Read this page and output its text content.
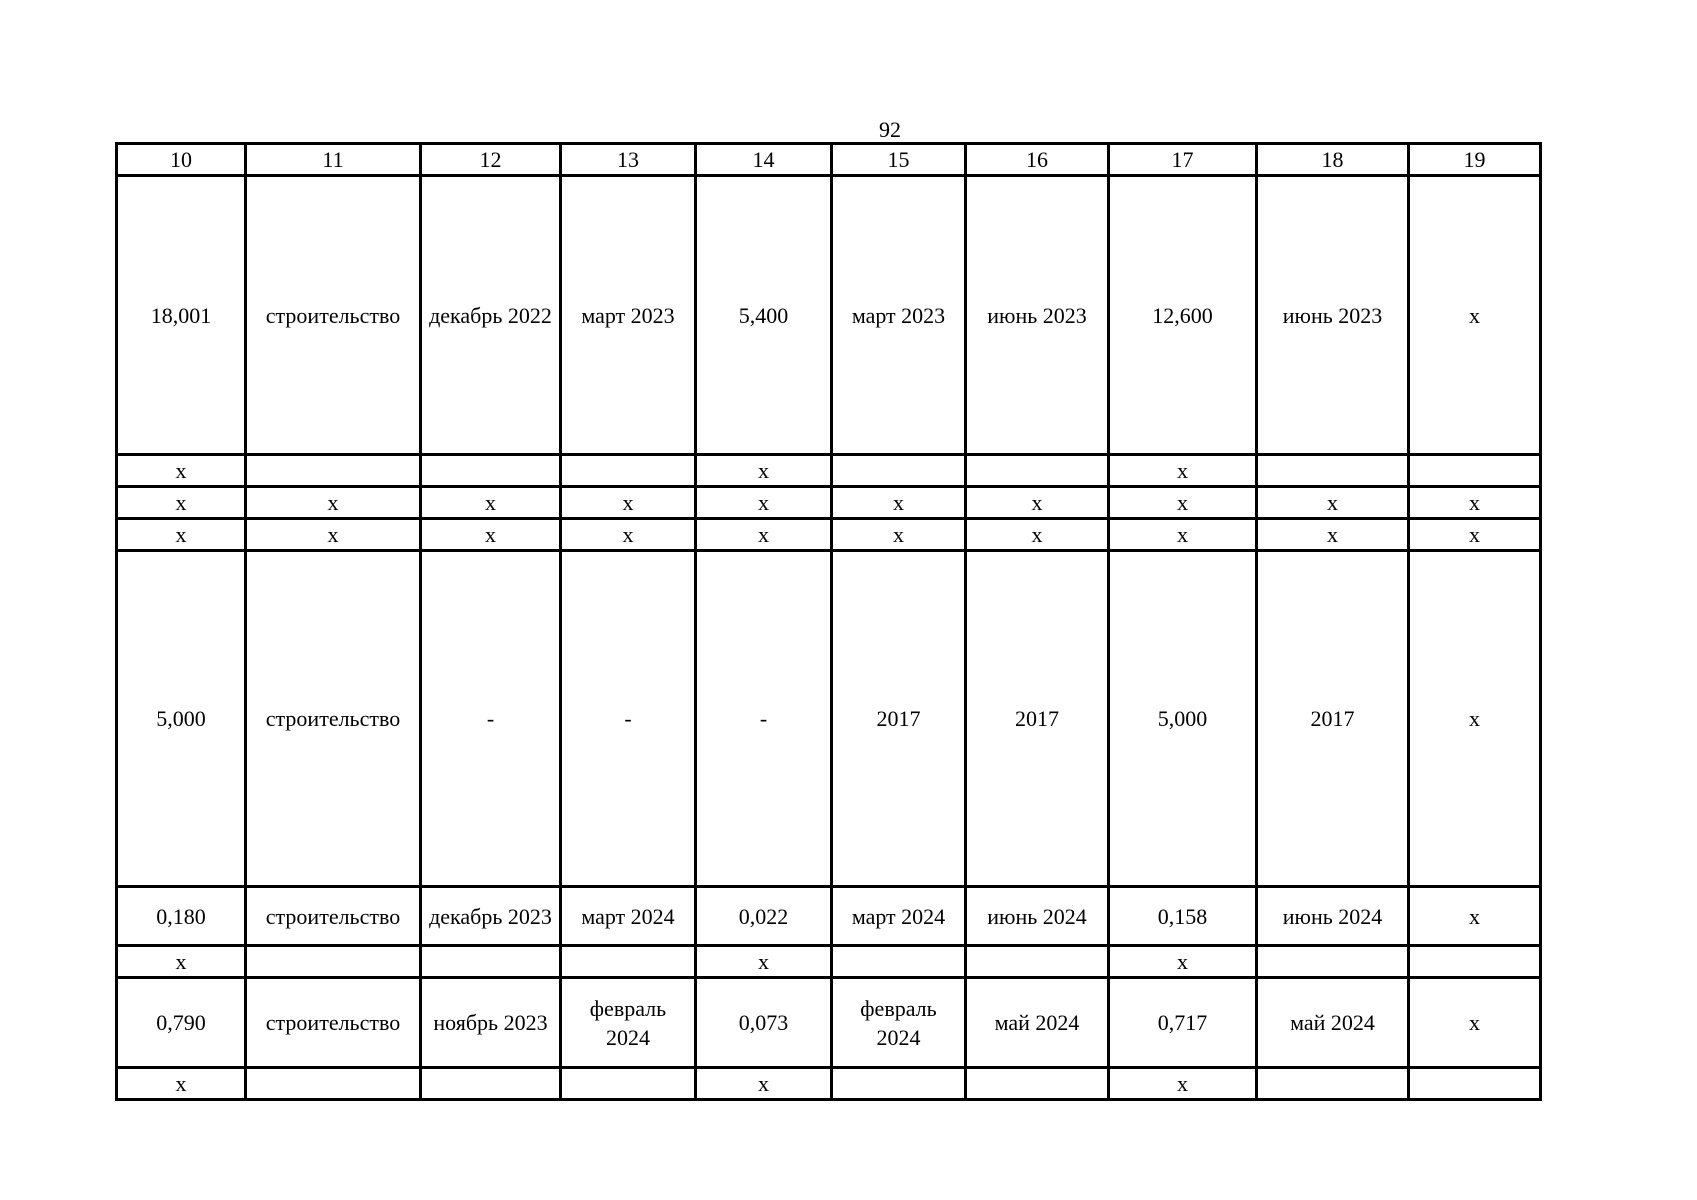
92
10	11	12	13	14	15	16	17	18	19
18,001	строительство	декабрь 2022	март 2023	5,400	март 2023	июнь 2023	12,600	июнь 2023	х
х				х			х		
х	х	х	х	х	х	х	х	х	х
х	х	х	х	х	х	х	х	х	х
5,000	строительство	-	-	-	2017	2017	5,000	2017	х
0,180	строительство	декабрь 2023	март 2024	0,022	март 2024	июнь 2024	0,158	июнь 2024	х
х				х			х		
0,790	строительство	ноябрь 2023	февраль 2024	0,073	февраль 2024	май 2024	0,717	май 2024	х
х				х			х		
